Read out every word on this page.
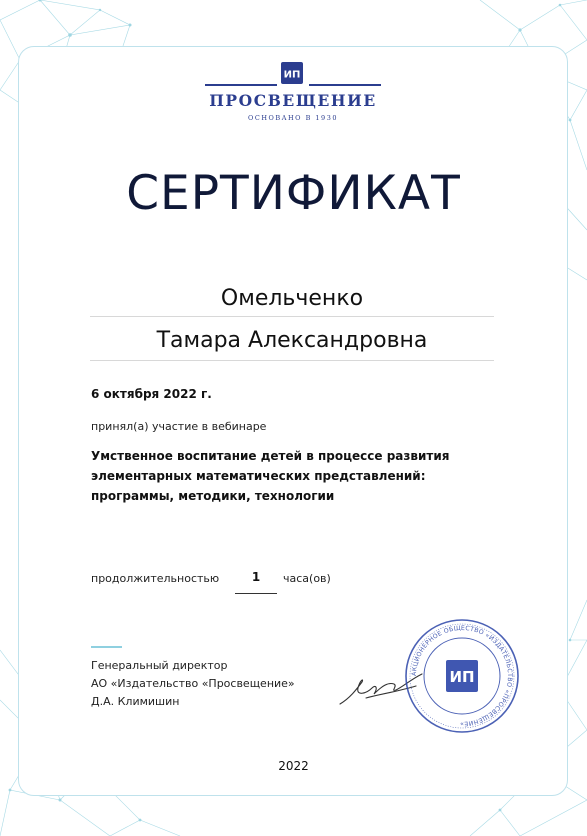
ИП
ПРОСВЕЩЕНИЕ
ОСНОВАНО В 1930
СЕРТИФИКАТ
Омельченко
Тамара Александровна
6 октября 2022 г.
принял(а) участие в вебинаре
Умственное воспитание детей в процессе развития элементарных математических представлений: программы, методики, технологии
продолжительностью	1	часа(ов)
Генеральный директор
АО «Издательство «Просвещение»
Д.А. Климишин
АКЦИОНЕРНОЕ ОБЩЕСТВО «ИЗДАТЕЛЬСТВО «ПРОСВЕЩЕНИЕ»
ИП
2022
